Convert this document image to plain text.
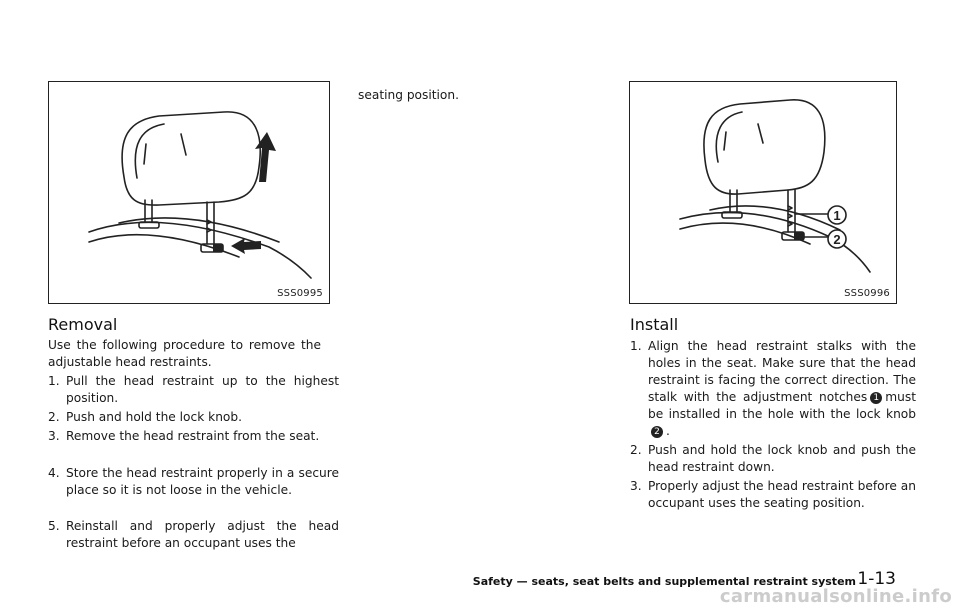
SSS0995
Removal

Use the following procedure to remove the adjustable head restraints.

1. Pull the head restraint up to the highest position.

2. Push and hold the lock knob.

3. Remove the head restraint from the seat.

4. Store the head restraint properly in a secure place so it is not loose in the vehicle.

5. Reinstall and properly adjust the head restraint before an occupant uses the

seating position.

1
2
SSS0996
Install

1. Align the head restraint stalks with the holes in the seat. Make sure that the head restraint is facing the correct direction. The stalk with the adjustment notches 1 must be installed in the hole with the lock knob2 .

2. Push and hold the lock knob and push the head restraint down.

3. Properly adjust the head restraint before an occupant uses the seating position.

Safety — seats, seat belts and supplemental restraint system 1-13
carmanualsonline.info
